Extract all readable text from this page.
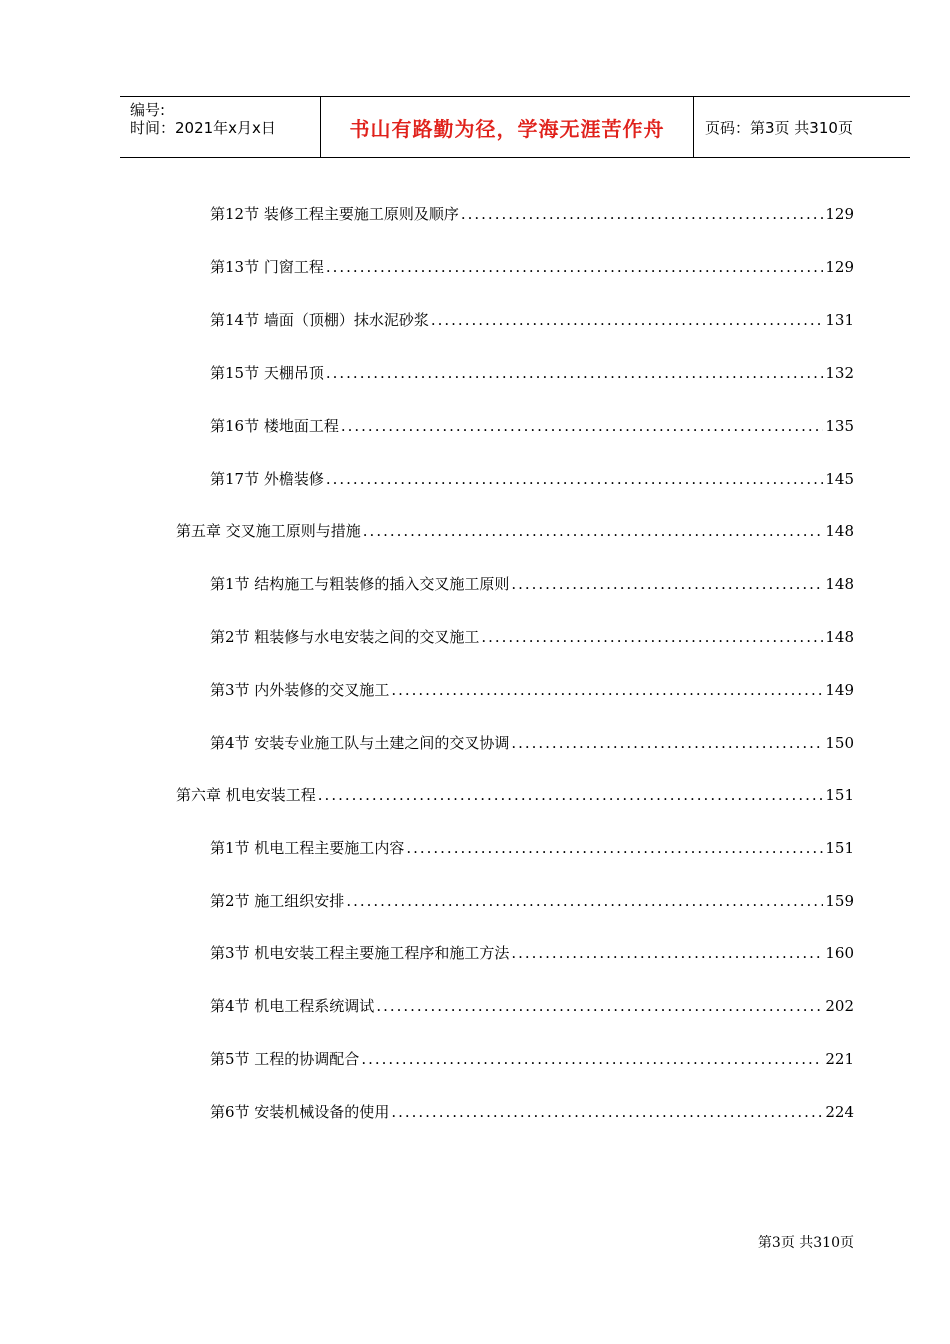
编号:
时间：2021年x月x日	书山有路勤为径，学海无涯苦作舟	页码：第3页 共310页
第12节 装修工程主要施工原则及顺序 .....	129
第13节 门窗工程 .....	129
第14节 墙面（顶棚）抹水泥砂浆 .....	131
第15节 天棚吊顶 .....	132
第16节 楼地面工程 .....	135
第17节 外檐装修 .....	145
第五章 交叉施工原则与措施 .....	148
第1节 结构施工与粗装修的插入交叉施工原则 .....	148
第2节 粗装修与水电安装之间的交叉施工 .....	148
第3节 内外装修的交叉施工 .....	149
第4节 安装专业施工队与土建之间的交叉协调 .....	150
第六章 机电安装工程 .....	151
第1节 机电工程主要施工内容 .....	151
第2节 施工组织安排 .....	159
第3节 机电安装工程主要施工程序和施工方法 .....	160
第4节 机电工程系统调试 .....	202
第5节 工程的协调配合 .....	221
第6节 安装机械设备的使用 .....	224
第3页 共310页
